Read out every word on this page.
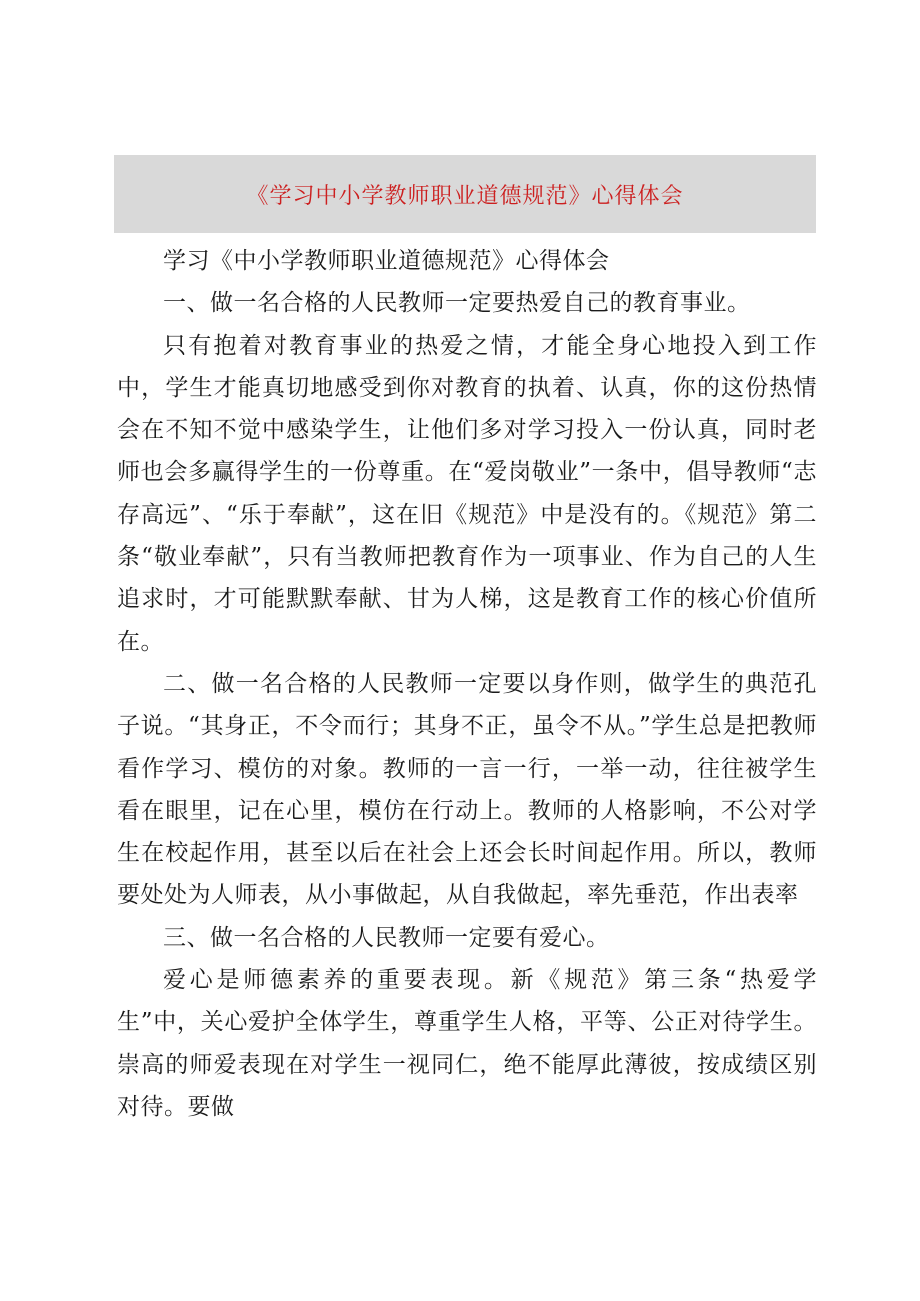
《学习中小学教师职业道德规范》心得体会

学习《中小学教师职业道德规范》心得体会

一、做一名合格的人民教师一定要热爱自己的教育事业。

只有抱着对教育事业的热爱之情，才能全身心地投入到工作中，学生才能真切地感受到你对教育的执着、认真，你的这份热情会在不知不觉中感染学生，让他们多对学习投入一份认真，同时老师也会多赢得学生的一份尊重。在“爱岗敬业”一条中，倡导教师“志存高远”、“乐于奉献”，这在旧《规范》中是没有的。《规范》第二条“敬业奉献”，只有当教师把教育作为一项事业、作为自己的人生追求时，才可能默默奉献、甘为人梯，这是教育工作的核心价值所在。

二、做一名合格的人民教师一定要以身作则，做学生的典范孔子说。“其身正，不令而行；其身不正，虽令不从。”学生总是把教师看作学习、模仿的对象。教师的一言一行，一举一动，往往被学生看在眼里，记在心里，模仿在行动上。教师的人格影响，不公对学生在校起作用，甚至以后在社会上还会长时间起作用。所以，教师要处处为人师表，从小事做起，从自我做起，率先垂范，作出表率

三、做一名合格的人民教师一定要有爱心。

爱心是师德素养的重要表现。新《规范》第三条“热爱学生”中，关心爱护全体学生，尊重学生人格，平等、公正对待学生。崇高的师爱表现在对学生一视同仁，绝不能厚此薄彼，按成绩区别对待。要做
